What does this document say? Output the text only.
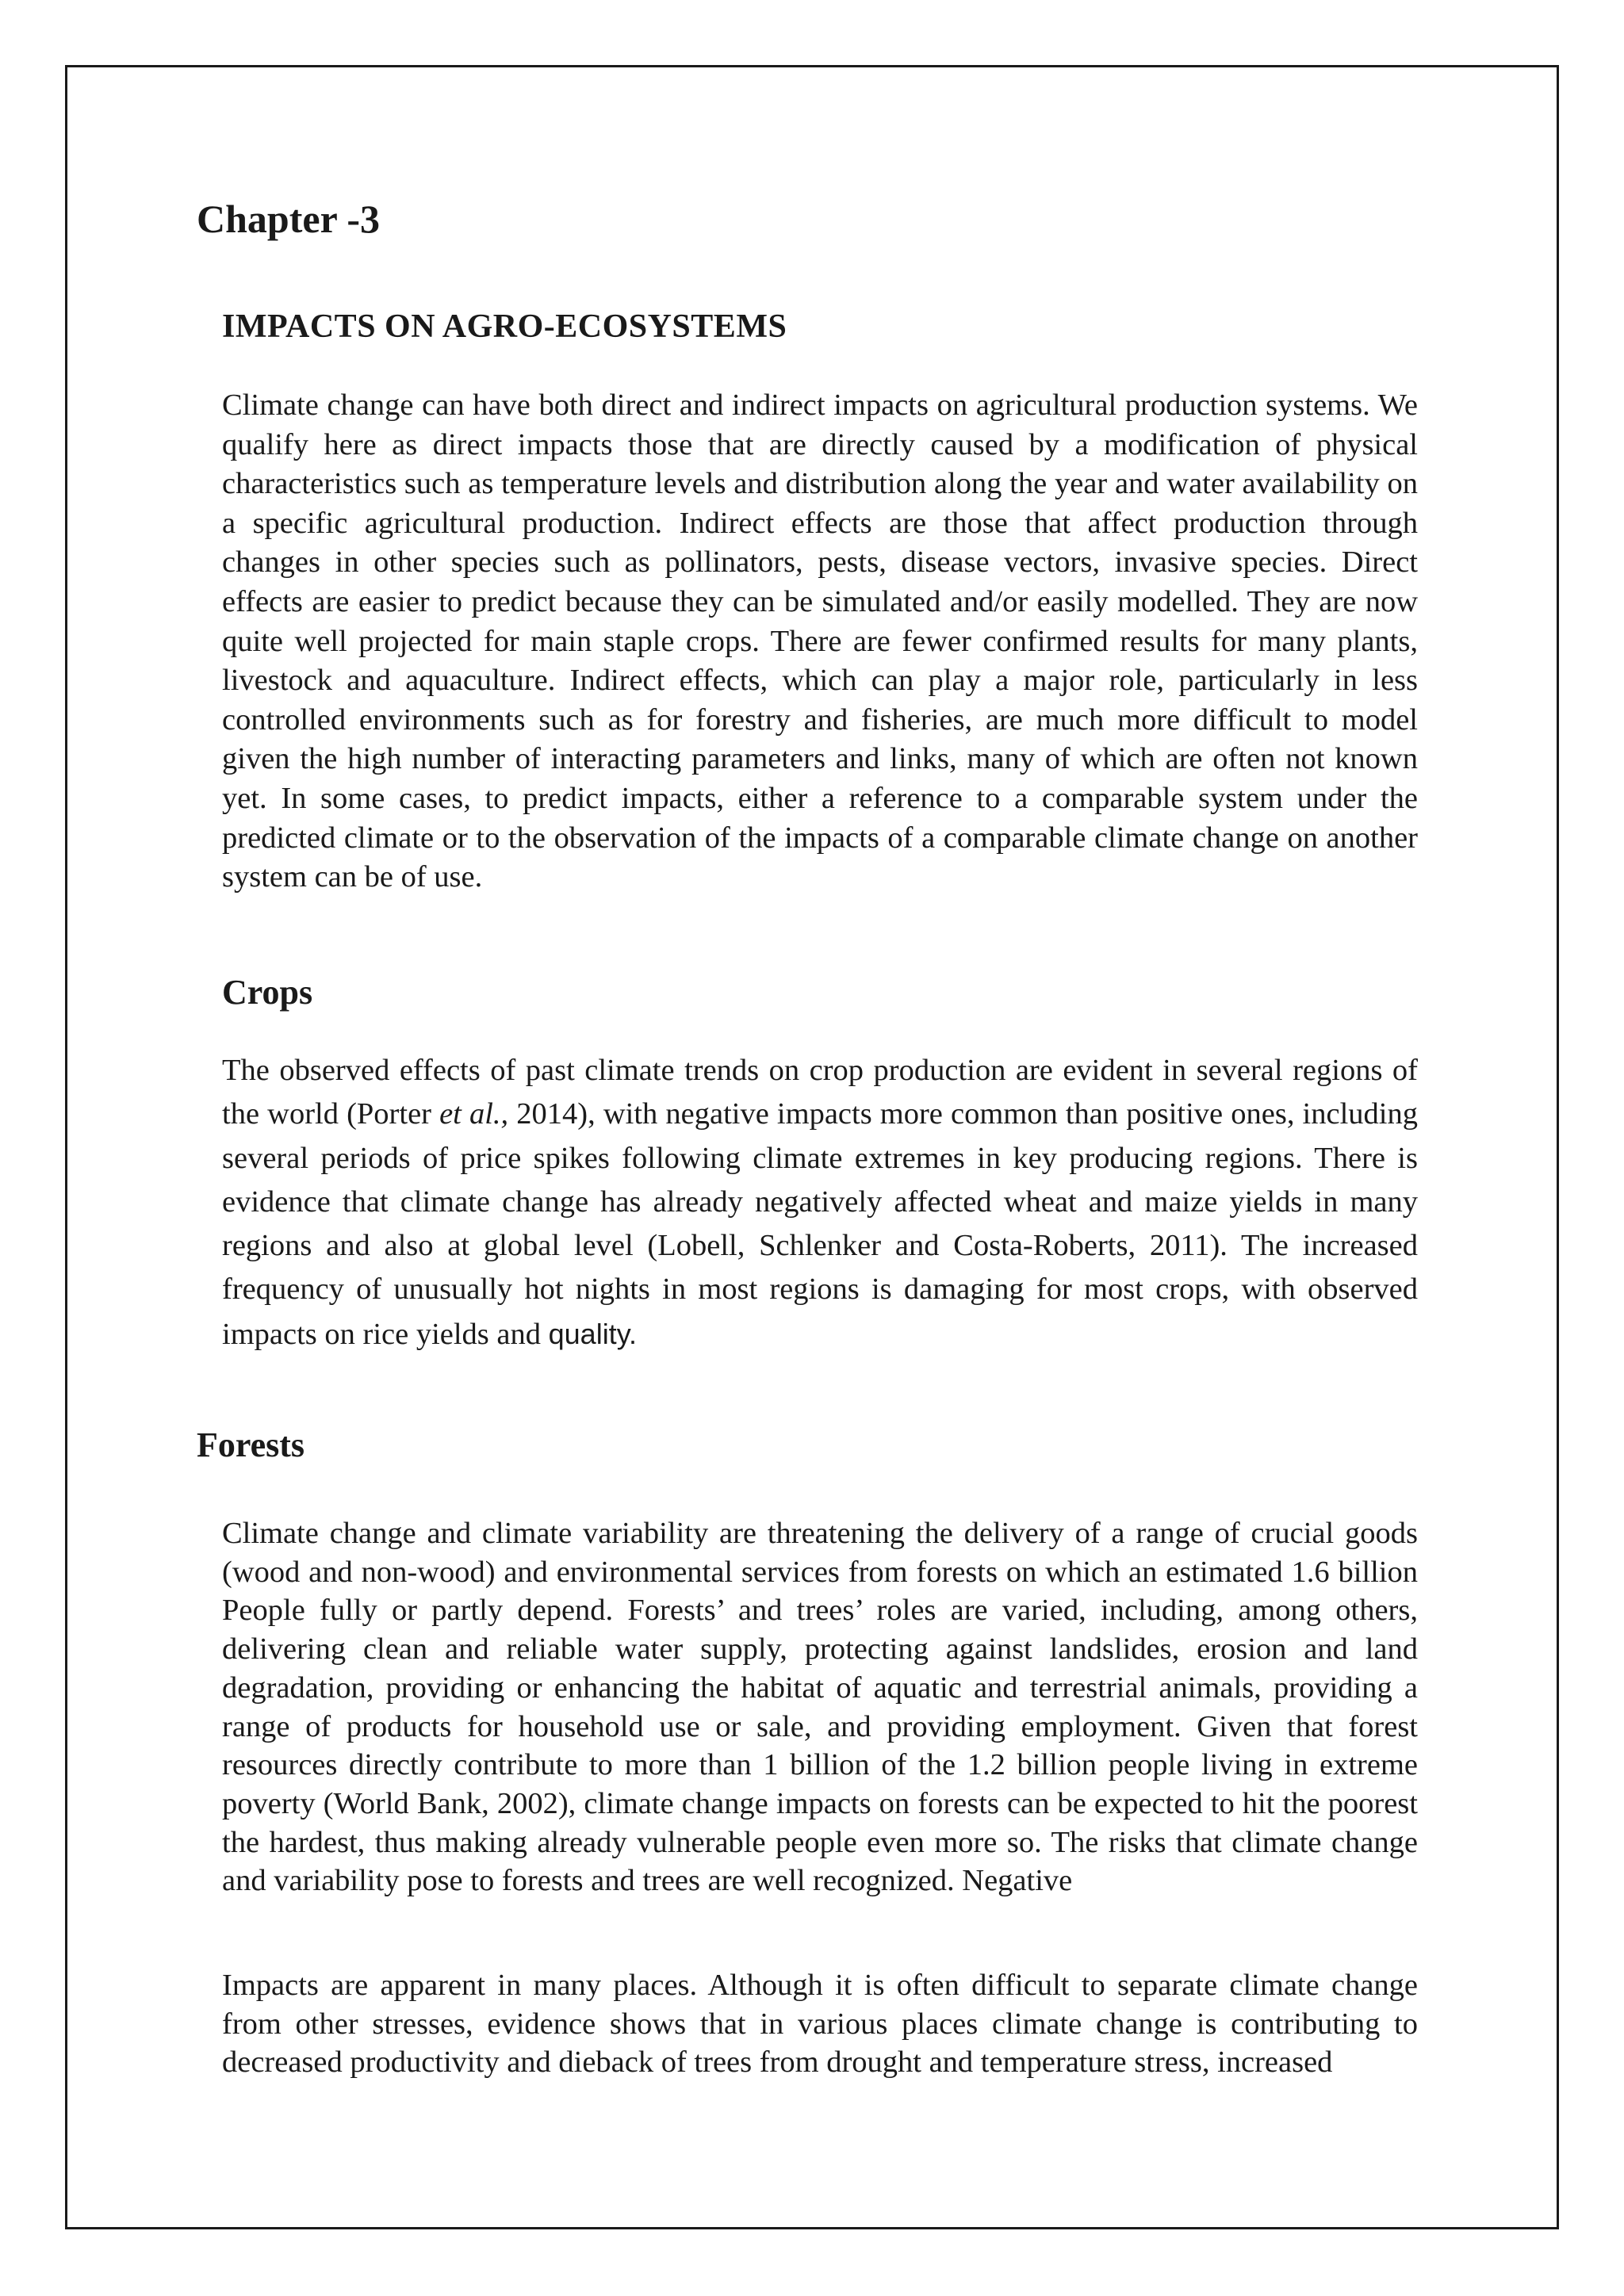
Chapter -3
IMPACTS ON AGRO-ECOSYSTEMS

Climate change can have both direct and indirect impacts on agricultural production systems. We qualify here as direct impacts those that are directly caused by a modification of physical characteristics such as temperature levels and distribution along the year and water availability on a specific agricultural production. Indirect effects are those that affect production through changes in other species such as pollinators, pests, disease vectors, invasive species. Direct effects are easier to predict because they can be simulated and/or easily modelled. They are now quite well projected for main staple crops. There are fewer confirmed results for many plants, livestock and aquaculture. Indirect effects, which can play a major role, particularly in less controlled environments such as for forestry and fisheries, are much more difficult to model given the high number of interacting parameters and links, many of which are often not known yet. In some cases, to predict impacts, either a reference to a comparable system under the predicted climate or to the observation of the impacts of a comparable climate change on another system can be of use.

Crops

The observed effects of past climate trends on crop production are evident in several regions of the world (Porter et al., 2014), with negative impacts more common than positive ones, including several periods of price spikes following climate extremes in key producing regions. There is evidence that climate change has already negatively affected wheat and maize yields in many regions and also at global level (Lobell, Schlenker and Costa-Roberts, 2011). The increased frequency of unusually hot nights in most regions is damaging for most crops, with observed impacts on rice yields and quality.

Forests

Climate change and climate variability are threatening the delivery of a range of crucial goods (wood and non-wood) and environmental services from forests on which an estimated 1.6 billion People fully or partly depend. Forests’ and trees’ roles are varied, including, among others, delivering clean and reliable water supply, protecting against landslides, erosion and land degradation, providing or enhancing the habitat of aquatic and terrestrial animals, providing a range of products for household use or sale, and providing employment. Given that forest resources directly contribute to more than 1 billion of the 1.2 billion people living in extreme poverty (World Bank, 2002), climate change impacts on forests can be expected to hit the poorest the hardest, thus making already vulnerable people even more so. The risks that climate change and variability pose to forests and trees are well recognized. Negative

Impacts are apparent in many places. Although it is often difficult to separate climate change from other stresses, evidence shows that in various places climate change is contributing to decreased productivity and dieback of trees from drought and temperature stress, increased
